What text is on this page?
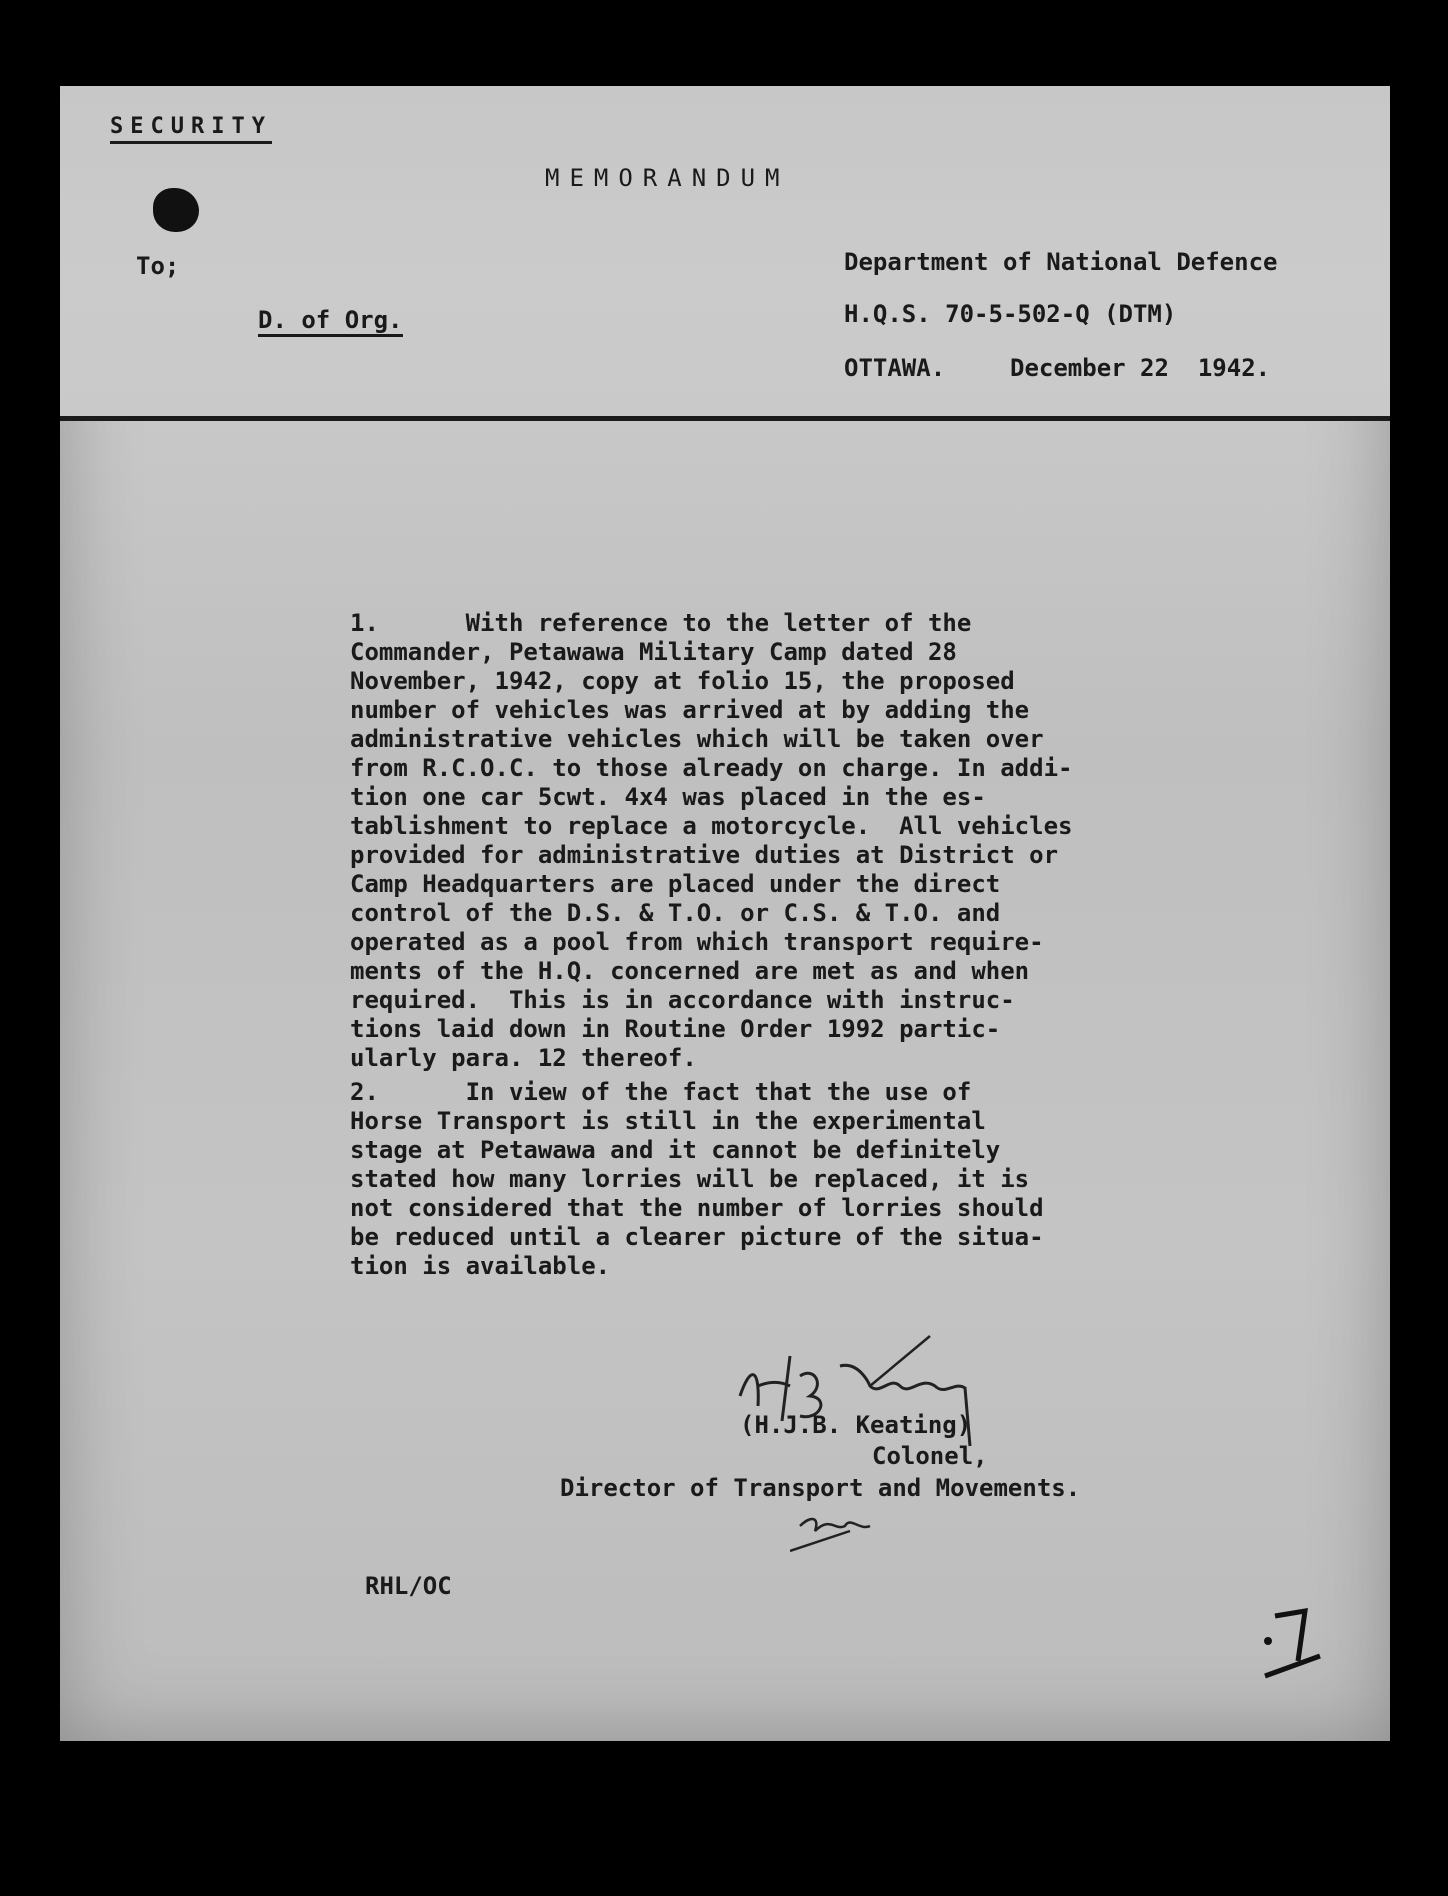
SECURITY
MEMORANDUM
To;
D. of Org.
Department of National Defence
H.Q.S. 70-5-502-Q (DTM)
OTTAWA.	December 22  1942.
1.      With reference to the letter of the
Commander, Petawawa Military Camp dated 28
November, 1942, copy at folio 15, the proposed
number of vehicles was arrived at by adding the
administrative vehicles which will be taken over
from R.C.O.C. to those already on charge. In addi-
tion one car 5cwt. 4x4 was placed in the es-
tablishment to replace a motorcycle.  All vehicles
provided for administrative duties at District or
Camp Headquarters are placed under the direct
control of the D.S. & T.O. or C.S. & T.O. and
operated as a pool from which transport require-
ments of the H.Q. concerned are met as and when
required.  This is in accordance with instruc-
tions laid down in Routine Order 1992 partic-
ularly para. 12 thereof.
2.      In view of the fact that the use of
Horse Transport is still in the experimental
stage at Petawawa and it cannot be definitely
stated how many lorries will be replaced, it is
not considered that the number of lorries should
be reduced until a clearer picture of the situa-
tion is available.
(H.J.B. Keating)
Colonel,
Director of Transport and Movements.
RHL/OC
